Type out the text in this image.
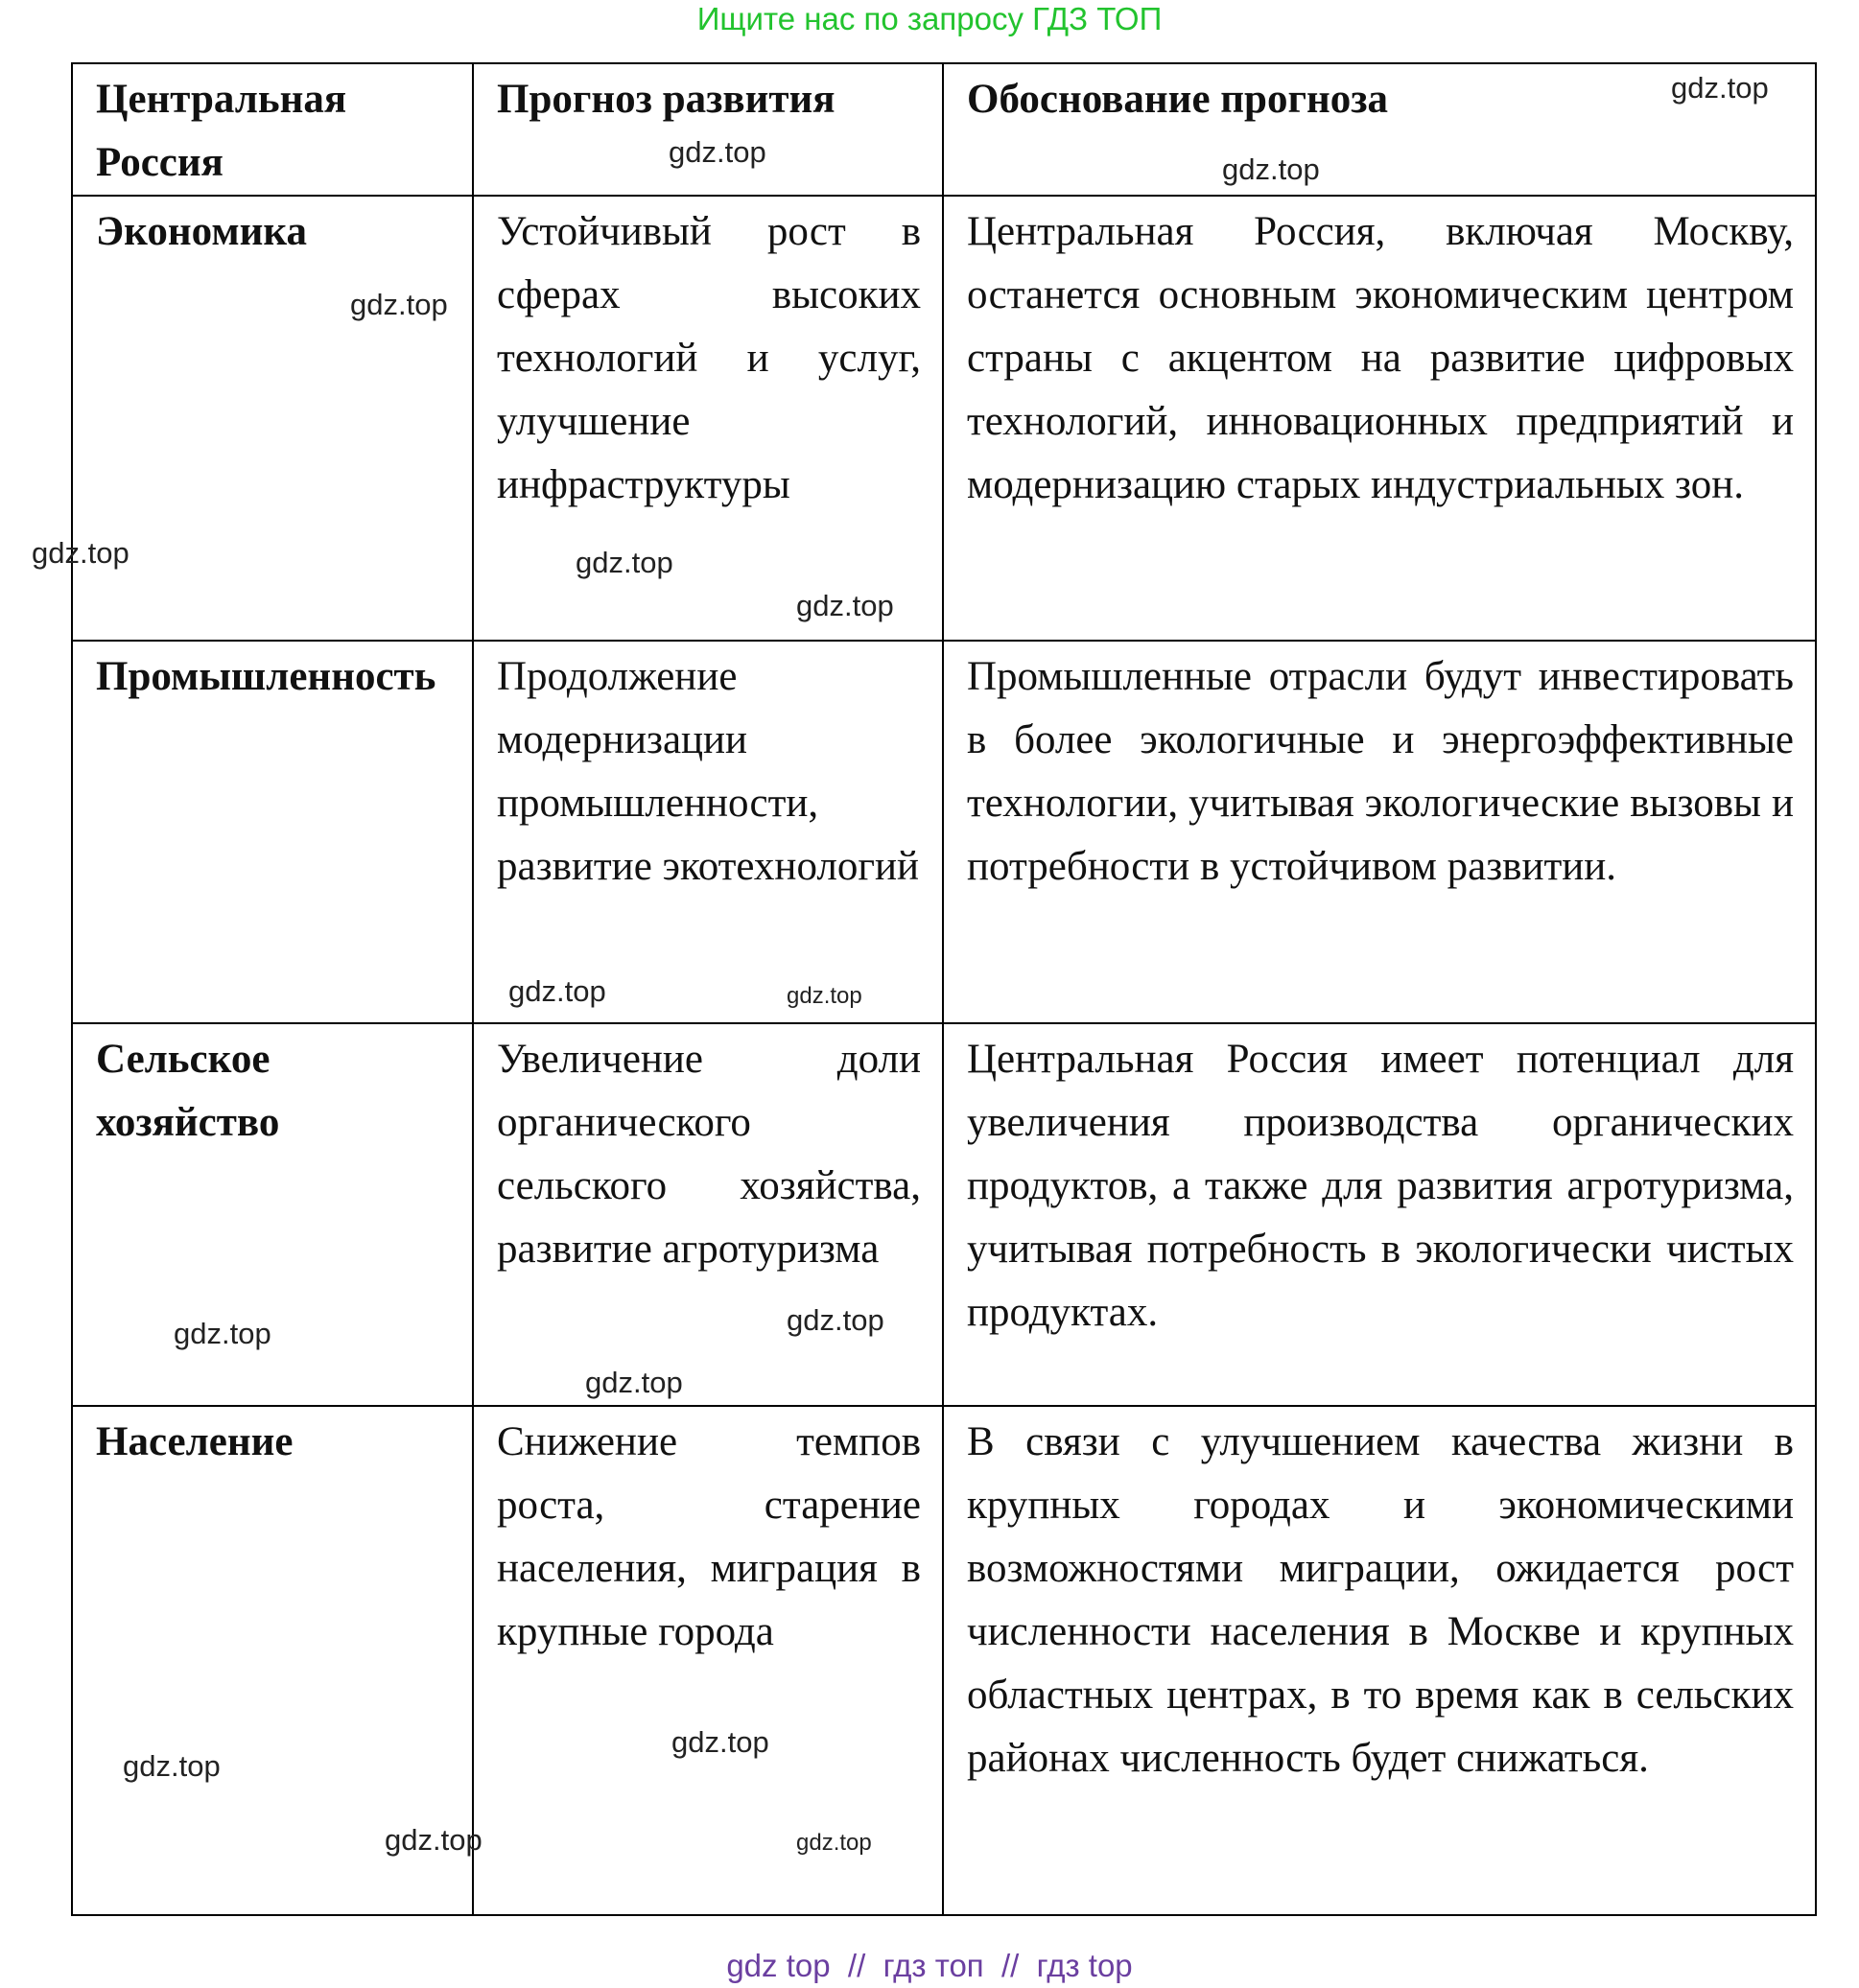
Ищите нас по запросу ГДЗ ТОП
Центральная Россия	Прогноз развития	Обоснование прогноза
Экономика	Устойчивый рост в сферах высоких технологий и услуг, улучшение инфраструктуры	Центральная Россия, включая Москву, останется основным экономическим центром страны с акцентом на развитие цифровых технологий, инновационных предприятий и модернизацию старых индустриальных зон.
Промышленность	Продолжение модернизации промышленности, развитие экотехнологий	Промышленные отрасли будут инвестировать в более экологичные и энергоэффективные технологии, учитывая экологические вызовы и потребности в устойчивом развитии.
Сельское хозяйство	Увеличение доли органического сельского хозяйства, развитие агротуризма	Центральная Россия имеет потенциал для увеличения производства органических продуктов, а также для развития агротуризма, учитывая потребность в экологически чистых продуктах.
Население	Снижение темпов роста, старение населения, миграция в крупные города	В связи с улучшением качества жизни в крупных городах и экономическими возможностями миграции, ожидается рост численности населения в Москве и крупных областных центрах, в то время как в сельских районах численность будет снижаться.
gdz.top
gdz.top
gdz.top
gdz.top
gdz.top	gdz.top
gdz.top
gdz.top	gdz.top
gdz.top
gdz.top
gdz.top
gdz.top
gdz.top
gdz.top
gdz.top
gdz top  //  гдз топ  //  гдз top
